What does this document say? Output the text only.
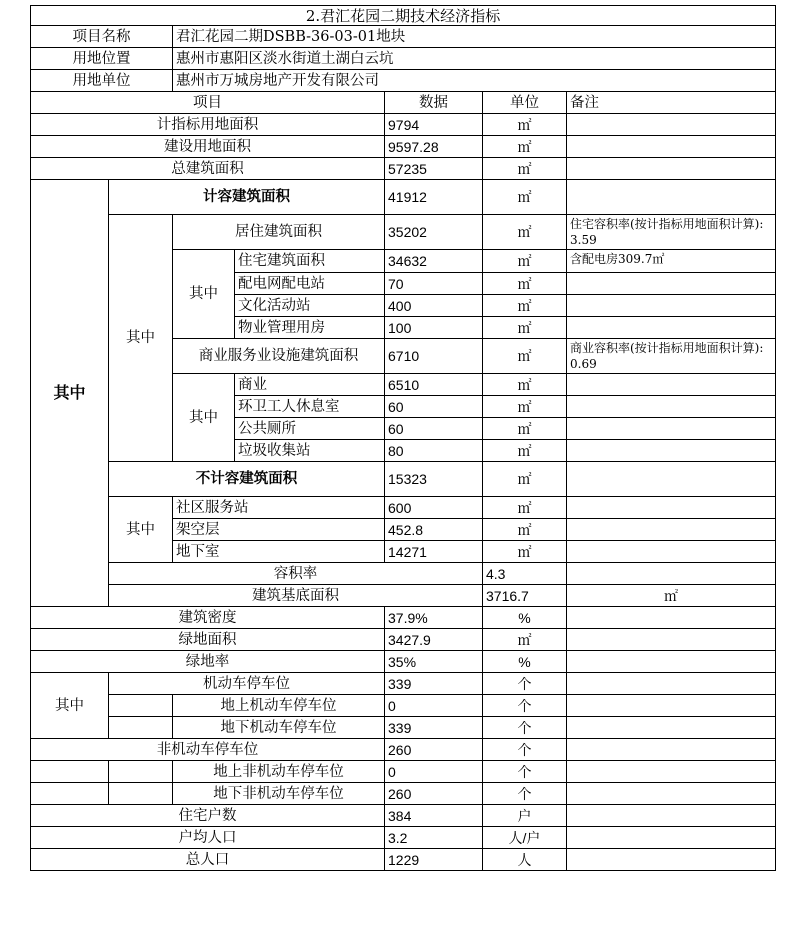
2.君汇花园二期技术经济指标							
项目名称		君汇花园二期DSBB-36-03-01地块					
用地位置		惠州市惠阳区淡水街道土湖白云坑					
用地单位		惠州市万城房地产开发有限公司					
项目				数据	单位	备注	
计指标用地面积				9794	㎡		
建设用地面积				9597.28	㎡		
总建筑面积				57235	㎡		
其中	计容建筑面积			41912	㎡		
	其中	居住建筑面积		35202	㎡	住宅容积率(按计指标用地面积计算): 3.59	
		其中	住宅建筑面积	34632	㎡	含配电房309.7㎡	
			配电网配电站	70	㎡		
			文化活动站	400	㎡		
			物业管理用房	100	㎡		
		商业服务业设施建筑面积		6710	㎡	商业容积率(按计指标用地面积计算): 0.69	
		其中	商业	6510	㎡		
			环卫工人休息室	60	㎡		
			公共厕所	60	㎡		
			垃圾收集站	80	㎡		
	不计容建筑面积			15323	㎡		
	其中	社区服务站		600	㎡		
		架空层		452.8	㎡		
		地下室		14271	㎡		
	容积率				4.3		
	建筑基底面积				3716.7	㎡	
建筑密度				37.9%	%		
绿地面积				3427.9	㎡		
绿地率				35%	%		
其中	机动车停车位			339	个		
		地上机动车停车位		0	个		
		地下机动车停车位		339	个		
非机动车停车位				260	个		
		地上非机动车停车位		0	个		
		地下非机动车停车位		260	个		
住宅户数				384	户		
户均人口				3.2	人/户		
总人口				1229	人		
